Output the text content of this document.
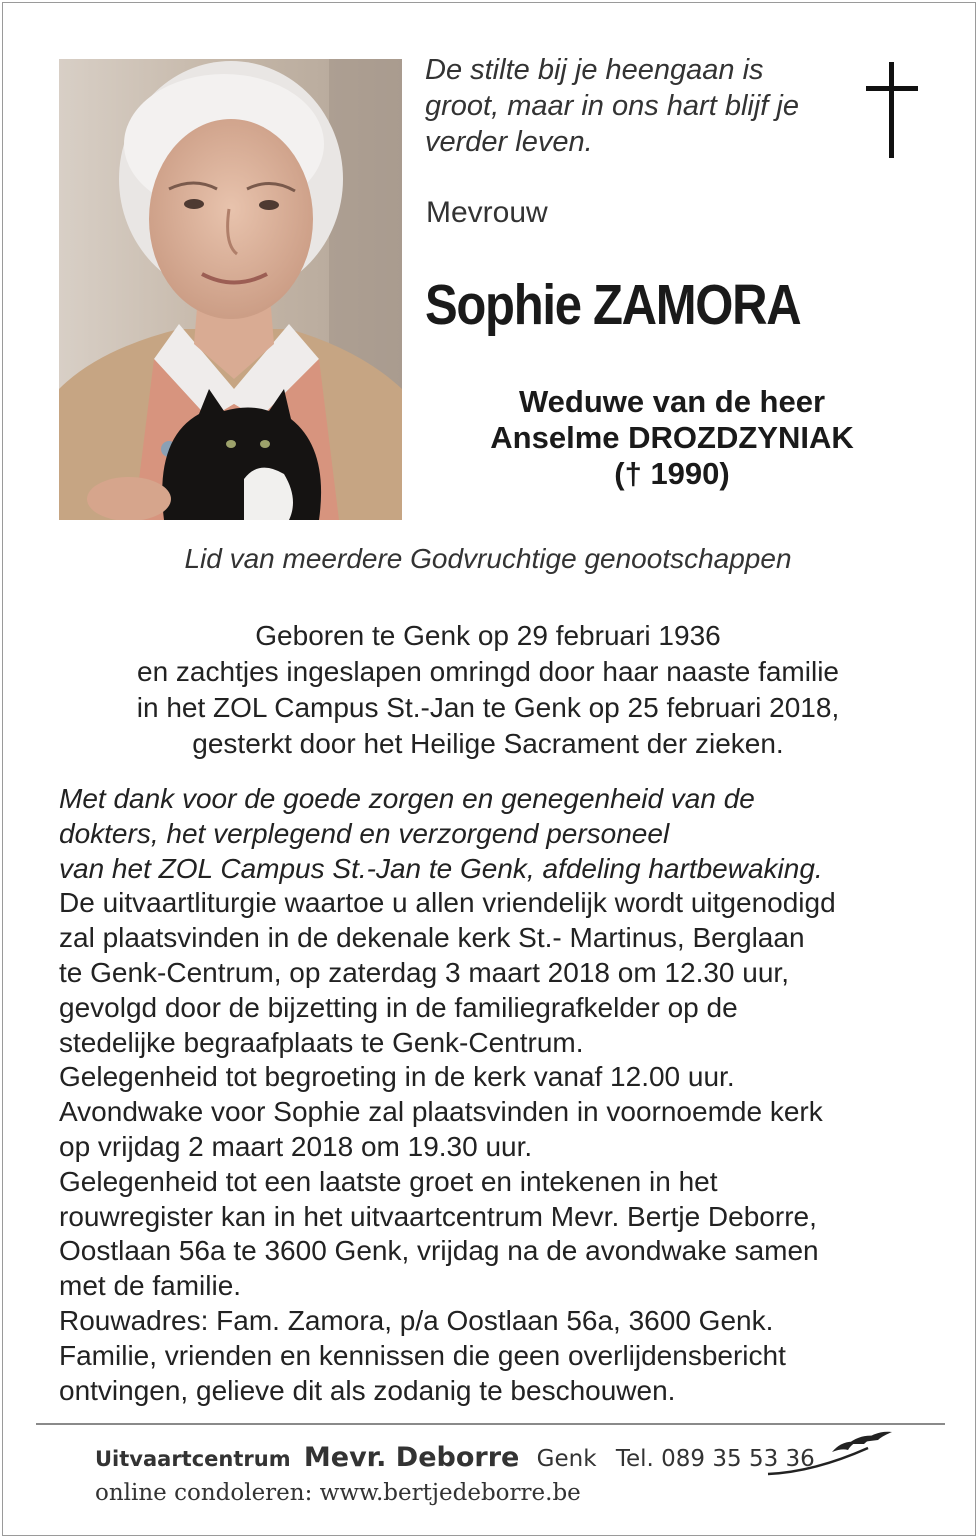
De stilte bij je heengaan is
groot, maar in ons hart blijf je
verder leven.
Mevrouw
Sophie ZAMORA
Weduwe van de heer
Anselme DROZDZYNIAK
(† 1990)
Lid van meerdere Godvruchtige genootschappen
Geboren te Genk op 29 februari 1936
en zachtjes ingeslapen omringd door haar naaste familie
in het ZOL Campus St.-Jan te Genk op 25 februari 2018,
gesterkt door het Heilige Sacrament der zieken.
Met dank voor de goede zorgen en genegenheid van de
dokters, het verplegend en verzorgend personeel
van het ZOL Campus St.-Jan te Genk, afdeling hartbewaking.
De uitvaartliturgie waartoe u allen vriendelijk wordt uitgenodigd
zal plaatsvinden in de dekenale kerk St.- Martinus, Berglaan
te Genk-Centrum, op zaterdag 3 maart 2018 om 12.30 uur,
gevolgd door de bijzetting in de familiegrafkelder op de
stedelijke begraafplaats te Genk-Centrum.
Gelegenheid tot begroeting in de kerk vanaf 12.00 uur.
Avondwake voor Sophie zal plaatsvinden in voornoemde kerk
op vrijdag 2 maart 2018 om 19.30 uur.
Gelegenheid tot een laatste groet en intekenen in het
rouwregister kan in het uitvaartcentrum Mevr. Bertje Deborre,
Oostlaan 56a te 3600 Genk, vrijdag na de avondwake samen
met de familie.
Rouwadres: Fam. Zamora, p/a Oostlaan 56a, 3600 Genk.
Familie, vrienden en kennissen die geen overlijdensbericht
ontvingen, gelieve dit als zodanig te beschouwen.
Uitvaartcentrum Mevr. Deborre Genk Tel. 089 35 53 36
online condoleren: www.bertjedeborre.be
